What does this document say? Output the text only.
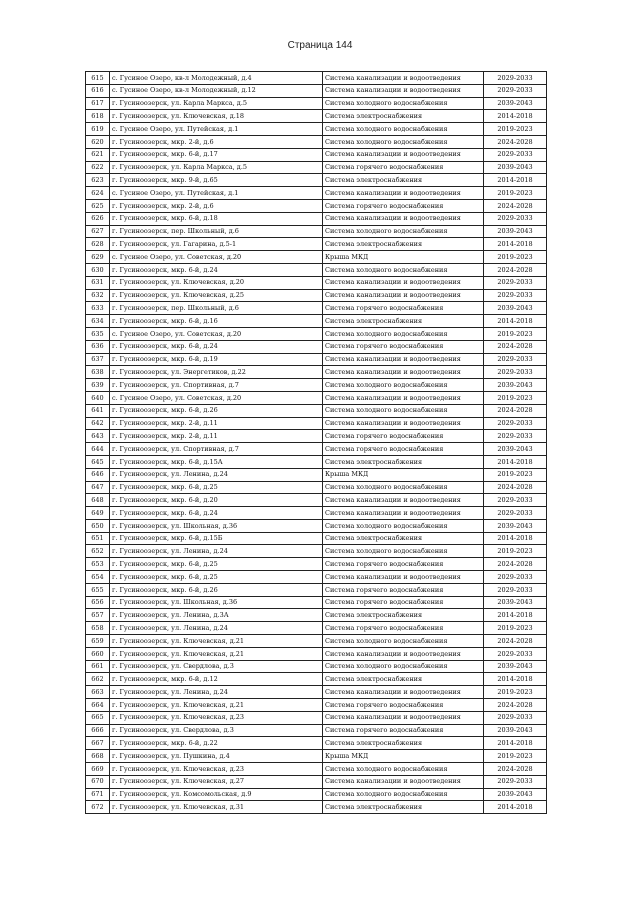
Страница 144
615	с. Гусиное Озеро, кв-л Молодежный, д.4	Система канализации и водоотведения	2029-2033
616	с. Гусиное Озеро, кв-л Молодежный, д.12	Система канализации и водоотведения	2029-2033
617	г. Гусиноозерск, ул. Карла Маркса, д.5	Система холодного водоснабжения	2039-2043
618	г. Гусиноозерск, ул. Ключевская, д.18	Система электроснабжения	2014-2018
619	с. Гусиное Озеро, ул. Путейская, д.1	Система холодного водоснабжения	2019-2023
620	г. Гусиноозерск, мкр. 2-й, д.6	Система холодного водоснабжения	2024-2028
621	г. Гусиноозерск, мкр. 6-й, д.17	Система канализации и водоотведения	2029-2033
622	г. Гусиноозерск, ул. Карла Маркса, д.5	Система горячего водоснабжения	2039-2043
623	г. Гусиноозерск, мкр. 9-й, д.65	Система электроснабжения	2014-2018
624	с. Гусиное Озеро, ул. Путейская, д.1	Система канализации и водоотведения	2019-2023
625	г. Гусиноозерск, мкр. 2-й, д.6	Система горячего водоснабжения	2024-2028
626	г. Гусиноозерск, мкр. 6-й, д.18	Система канализации и водоотведения	2029-2033
627	г. Гусиноозерск, пер. Школьный, д.6	Система холодного водоснабжения	2039-2043
628	г. Гусиноозерск, ул. Гагарина, д.5-1	Система электроснабжения	2014-2018
629	с. Гусиное Озеро, ул. Советская, д.20	Крыша МКД	2019-2023
630	г. Гусиноозерск, мкр. 6-й, д.24	Система холодного водоснабжения	2024-2028
631	г. Гусиноозерск, ул. Ключевская, д.20	Система канализации и водоотведения	2029-2033
632	г. Гусиноозерск, ул. Ключевская, д.25	Система канализации и водоотведения	2029-2033
633	г. Гусиноозерск, пер. Школьный, д.6	Система горячего водоснабжения	2039-2043
634	г. Гусиноозерск, мкр. 6-й, д.16	Система электроснабжения	2014-2018
635	с. Гусиное Озеро, ул. Советская, д.20	Система холодного водоснабжения	2019-2023
636	г. Гусиноозерск, мкр. 6-й, д.24	Система горячего водоснабжения	2024-2028
637	г. Гусиноозерск, мкр. 6-й, д.19	Система канализации и водоотведения	2029-2033
638	г. Гусиноозерск, ул. Энергетиков, д.22	Система канализации и водоотведения	2029-2033
639	г. Гусиноозерск, ул. Спортивная, д.7	Система холодного водоснабжения	2039-2043
640	с. Гусиное Озеро, ул. Советская, д.20	Система канализации и водоотведения	2019-2023
641	г. Гусиноозерск, мкр. 6-й, д.26	Система холодного водоснабжения	2024-2028
642	г. Гусиноозерск, мкр. 2-й, д.11	Система канализации и водоотведения	2029-2033
643	г. Гусиноозерск, мкр. 2-й, д.11	Система горячего водоснабжения	2029-2033
644	г. Гусиноозерск, ул. Спортивная, д.7	Система горячего водоснабжения	2039-2043
645	г. Гусиноозерск, мкр. 6-й, д.15А	Система электроснабжения	2014-2018
646	г. Гусиноозерск, ул. Ленина, д.24	Крыша МКД	2019-2023
647	г. Гусиноозерск, мкр. 6-й, д.25	Система холодного водоснабжения	2024-2028
648	г. Гусиноозерск, мкр. 6-й, д.20	Система канализации и водоотведения	2029-2033
649	г. Гусиноозерск, мкр. 6-й, д.24	Система канализации и водоотведения	2029-2033
650	г. Гусиноозерск, ул. Школьная, д.36	Система холодного водоснабжения	2039-2043
651	г. Гусиноозерск, мкр. 6-й, д.15Б	Система электроснабжения	2014-2018
652	г. Гусиноозерск, ул. Ленина, д.24	Система холодного водоснабжения	2019-2023
653	г. Гусиноозерск, мкр. 6-й, д.25	Система горячего водоснабжения	2024-2028
654	г. Гусиноозерск, мкр. 6-й, д.25	Система канализации и водоотведения	2029-2033
655	г. Гусиноозерск, мкр. 6-й, д.26	Система горячего водоснабжения	2029-2033
656	г. Гусиноозерск, ул. Школьная, д.36	Система горячего водоснабжения	2039-2043
657	г. Гусиноозерск, ул. Ленина, д.3А	Система электроснабжения	2014-2018
658	г. Гусиноозерск, ул. Ленина, д.24	Система горячего водоснабжения	2019-2023
659	г. Гусиноозерск, ул. Ключевская, д.21	Система холодного водоснабжения	2024-2028
660	г. Гусиноозерск, ул. Ключевская, д.21	Система канализации и водоотведения	2029-2033
661	г. Гусиноозерск, ул. Свердлова, д.3	Система холодного водоснабжения	2039-2043
662	г. Гусиноозерск, мкр. 6-й, д.12	Система электроснабжения	2014-2018
663	г. Гусиноозерск, ул. Ленина, д.24	Система канализации и водоотведения	2019-2023
664	г. Гусиноозерск, ул. Ключевская, д.21	Система горячего водоснабжения	2024-2028
665	г. Гусиноозерск, ул. Ключевская, д.23	Система канализации и водоотведения	2029-2033
666	г. Гусиноозерск, ул. Свердлова, д.3	Система горячего водоснабжения	2039-2043
667	г. Гусиноозерск, мкр. 6-й, д.22	Система электроснабжения	2014-2018
668	г. Гусиноозерск, ул. Пушкина, д.4	Крыша МКД	2019-2023
669	г. Гусиноозерск, ул. Ключевская, д.23	Система холодного водоснабжения	2024-2028
670	г. Гусиноозерск, ул. Ключевская, д.27	Система канализации и водоотведения	2029-2033
671	г. Гусиноозерск, ул. Комсомольская, д.9	Система холодного водоснабжения	2039-2043
672	г. Гусиноозерск, ул. Ключевская, д.31	Система электроснабжения	2014-2018
